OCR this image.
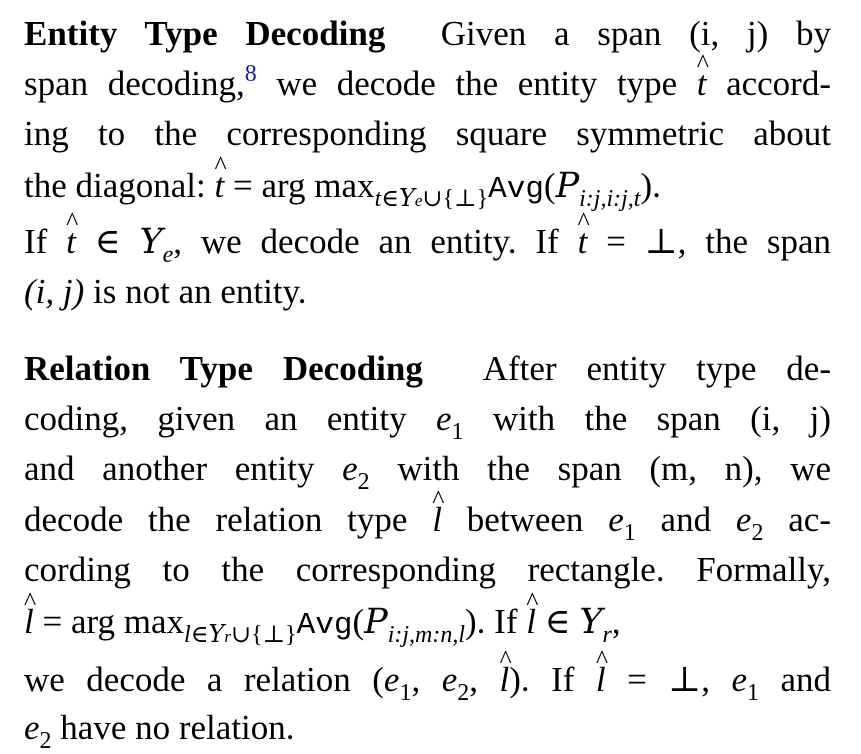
Entity Type Decoding Given a span (i, j) by
span decoding,$^8$ we decode the entity type ^ t accord-
ing to the corresponding square symmetric about
the diagonal: ^ t = arg $\max_{t\in Ye\cup\{\perp\}}Avg(P_{i:j,i:j,t})$.
If ^ t ∈ $Y_e$, we decode an entity. If ^ t = ⊥, the span
(i, j) is not an entity.
Relation Type Decoding After entity type de-
coding, given an entity $e_1$ with the span (i, j)
and another entity $e_2$ with the span (m, n), we
decode the relation type ^ l between $e_1$ and $e_2$ ac-
cording to the corresponding rectangle. Formally,
^ l = arg $\max_{l\in Yr\cup\{\perp\}}Avg(P_{i:j,m:n,l})$. If ^ l ∈ $Y_r$,
we decode a relation ($e_1$, $e_2$, ^ l). If ^ l = ⊥, $e_1$ and
$e_2$ have no relation.
